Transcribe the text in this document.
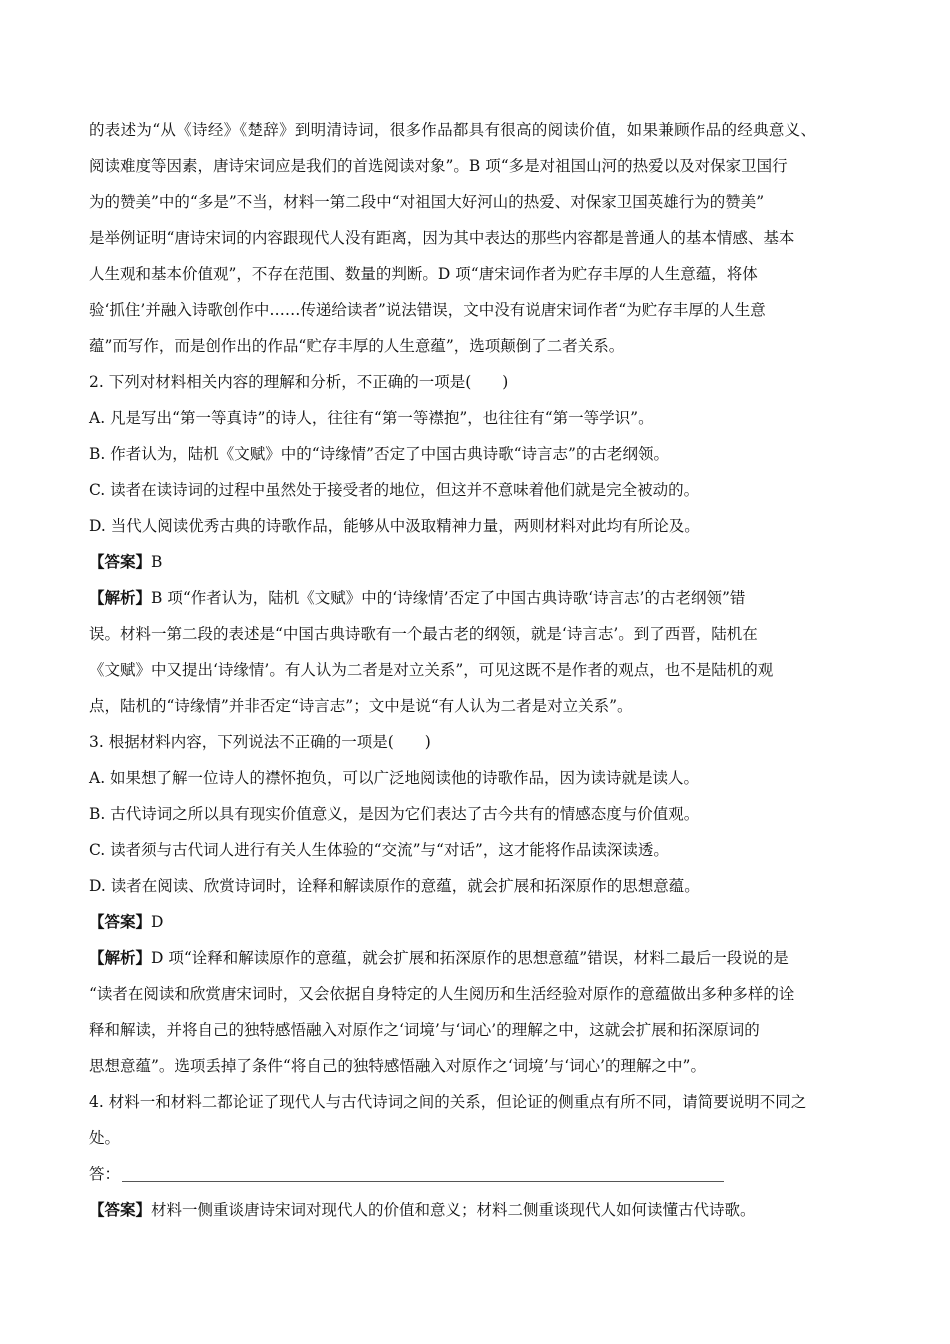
的表述为“从《诗经》《楚辞》到明清诗词，很多作品都具有很高的阅读价值，如果兼顾作品的经典意义、
阅读难度等因素，唐诗宋词应是我们的首选阅读对象”。B 项“多是对祖国山河的热爱以及对保家卫国行
为的赞美”中的“多是”不当，材料一第二段中“对祖国大好河山的热爱、对保家卫国英雄行为的赞美”
是举例证明“唐诗宋词的内容跟现代人没有距离，因为其中表达的那些内容都是普通人的基本情感、基本
人生观和基本价值观”，不存在范围、数量的判断。D 项“唐宋词作者为贮存丰厚的人生意蕴，将体
验‘抓住’并融入诗歌创作中……传递给读者”说法错误，文中没有说唐宋词作者“为贮存丰厚的人生意
蕴”而写作，而是创作出的作品“贮存丰厚的人生意蕴”，选项颠倒了二者关系。
2. 下列对材料相关内容的理解和分析，不正确的一项是(　　)
A. 凡是写出“第一等真诗”的诗人，往往有“第一等襟抱”，也往往有“第一等学识”。
B. 作者认为，陆机《文赋》中的“诗缘情”否定了中国古典诗歌“诗言志”的古老纲领。
C. 读者在读诗词的过程中虽然处于接受者的地位，但这并不意味着他们就是完全被动的。
D. 当代人阅读优秀古典的诗歌作品，能够从中汲取精神力量，两则材料对此均有所论及。
【答案】B
【解析】B 项“作者认为，陆机《文赋》中的‘诗缘情’否定了中国古典诗歌‘诗言志’的古老纲领”错
误。材料一第二段的表述是“中国古典诗歌有一个最古老的纲领，就是‘诗言志’。到了西晋，陆机在
《文赋》中又提出‘诗缘情’。有人认为二者是对立关系”，可见这既不是作者的观点，也不是陆机的观
点，陆机的“诗缘情”并非否定“诗言志”；文中是说“有人认为二者是对立关系”。
3. 根据材料内容，下列说法不正确的一项是(　　)
A. 如果想了解一位诗人的襟怀抱负，可以广泛地阅读他的诗歌作品，因为读诗就是读人。
B. 古代诗词之所以具有现实价值意义，是因为它们表达了古今共有的情感态度与价值观。
C. 读者须与古代词人进行有关人生体验的“交流”与“对话”，这才能将作品读深读透。
D. 读者在阅读、欣赏诗词时，诠释和解读原作的意蕴，就会扩展和拓深原作的思想意蕴。
【答案】D
【解析】D 项“诠释和解读原作的意蕴，就会扩展和拓深原作的思想意蕴”错误，材料二最后一段说的是
“读者在阅读和欣赏唐宋词时，又会依据自身特定的人生阅历和生活经验对原作的意蕴做出多种多样的诠
释和解读，并将自己的独特感悟融入对原作之‘词境’与‘词心’的理解之中，这就会扩展和拓深原词的
思想意蕴”。选项丢掉了条件“将自己的独特感悟融入对原作之‘词境’与‘词心’的理解之中”。
4. 材料一和材料二都论证了现代人与古代诗词之间的关系，但论证的侧重点有所不同，请简要说明不同之
处。
答：
【答案】材料一侧重谈唐诗宋词对现代人的价值和意义；材料二侧重谈现代人如何读懂古代诗歌。
